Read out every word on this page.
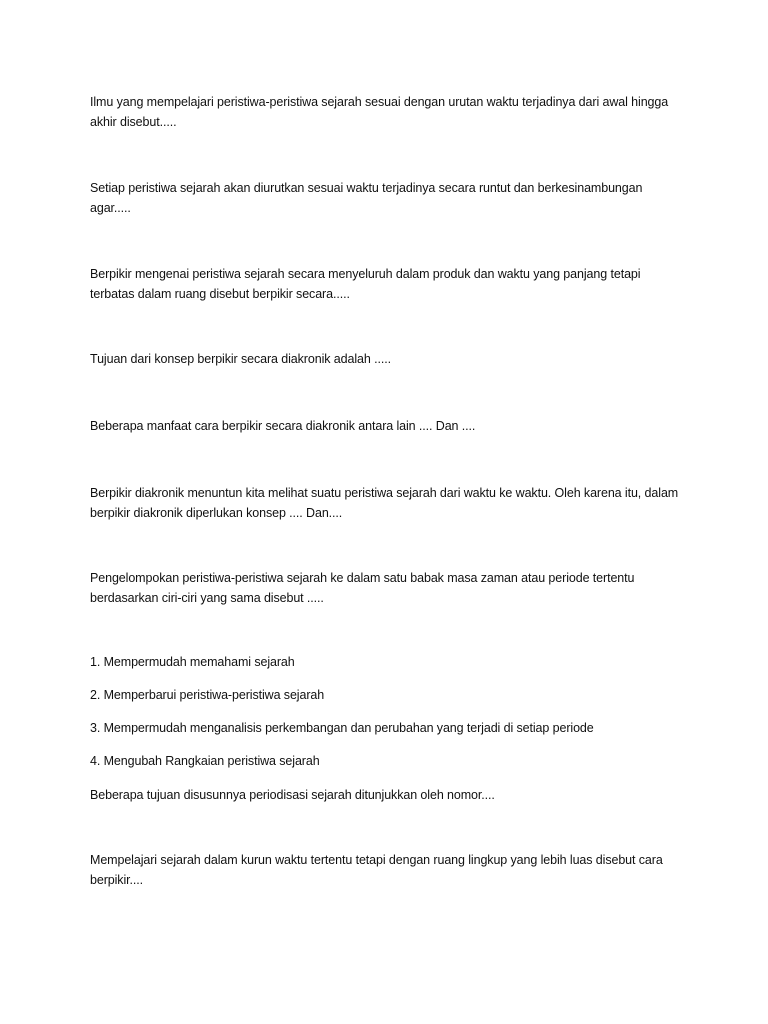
Ilmu yang mempelajari peristiwa-peristiwa sejarah sesuai dengan urutan waktu terjadinya dari awal hingga akhir disebut.....

Setiap peristiwa sejarah akan diurutkan sesuai waktu terjadinya secara runtut dan berkesinambungan agar.....

Berpikir mengenai peristiwa sejarah secara menyeluruh dalam produk dan waktu yang panjang tetapi terbatas dalam ruang disebut berpikir secara.....

Tujuan dari konsep berpikir secara diakronik adalah .....

Beberapa manfaat cara berpikir secara diakronik antara lain .... Dan ....

Berpikir diakronik menuntun kita melihat suatu peristiwa sejarah dari waktu ke waktu. Oleh karena itu, dalam berpikir diakronik diperlukan konsep .... Dan....

Pengelompokan peristiwa-peristiwa sejarah ke dalam satu babak masa zaman atau periode tertentu berdasarkan ciri-ciri yang sama disebut .....

1. Mempermudah memahami sejarah

2. Memperbarui peristiwa-peristiwa sejarah

3. Mempermudah menganalisis perkembangan dan perubahan yang terjadi di setiap periode

4. Mengubah Rangkaian peristiwa sejarah

Beberapa tujuan disusunnya periodisasi sejarah ditunjukkan oleh nomor....

Mempelajari sejarah dalam kurun waktu tertentu tetapi dengan ruang lingkup yang lebih luas disebut cara berpikir....
